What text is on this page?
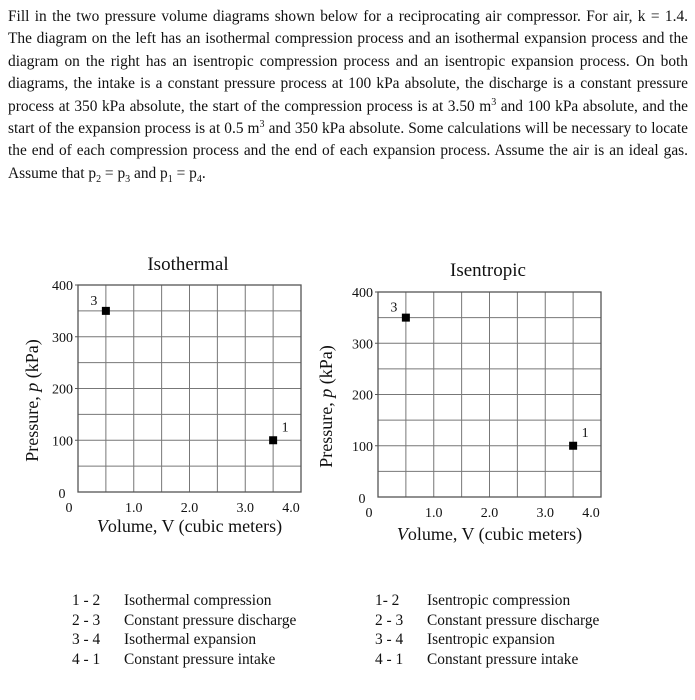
Fill in the two pressure volume diagrams shown below for a reciprocating air compressor. For air, k = 1.4. The diagram on the left has an isothermal compression process and an isothermal expansion process and the diagram on the right has an isentropic compression process and an isentropic expansion process. On both diagrams, the intake is a constant pressure process at 100 kPa absolute, the discharge is a constant pressure process at 350 kPa absolute, the start of the compression process is at 3.50 $m^3$ and 100 kPa absolute, and the start of the expansion process is at 0.5 $m^3$ and 350 kPa absolute. Some calculations will be necessary to locate the end of each compression process and the end of each expansion process. Assume the air is an ideal gas. Assume that $p_2 = p_3$ and $p_1 = p_4$.

Isothermal
0
100
200
300
400
0	1.0	2.0	3.0 4.0
Volume, V (cubic meters)
Pressure, p (kPa)
3
1
Isentropic
0
100
200
300
400
0	1.0	2.0	3.0 4.0
Volume, V (cubic meters)
Pressure, p (kPa)
3
1
1 - 2	Isothermal compression
2 - 3	Constant pressure discharge
3 - 4	Isothermal expansion
4 - 1	Constant pressure intake
1- 2	Isentropic compression
2 - 3	Constant pressure discharge
3 - 4	Isentropic expansion
4 - 1	Constant pressure intake
